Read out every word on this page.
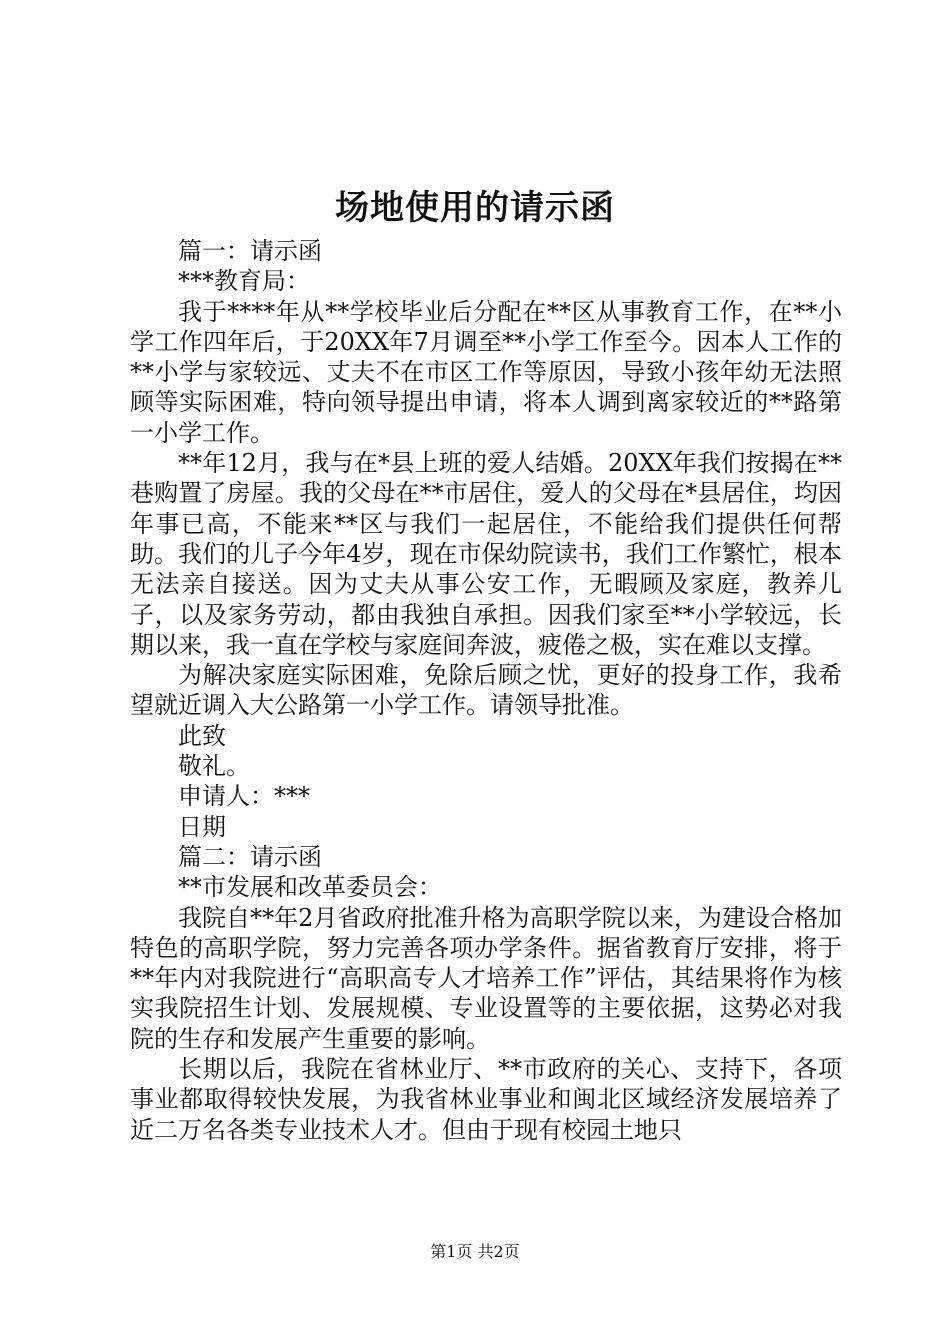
场地使用的请示函

篇一：请示函

***教育局：

我于****年从**学校毕业后分配在**区从事教育工作，在**小学工作四年后，于20XX年7月调至**小学工作至今。因本人工作的**小学与家较远、丈夫不在市区工作等原因，导致小孩年幼无法照顾等实际困难，特向领导提出申请，将本人调到离家较近的**路第一小学工作。

**年12月，我与在*县上班的爱人结婚。20XX年我们按揭在**巷购置了房屋。我的父母在**市居住，爱人的父母在*县居住，均因年事已高，不能来**区与我们一起居住，不能给我们提供任何帮助。我们的儿子今年4岁，现在市保幼院读书，我们工作繁忙，根本无法亲自接送。因为丈夫从事公安工作，无暇顾及家庭，教养儿子，以及家务劳动，都由我独自承担。因我们家至**小学较远，长期以来，我一直在学校与家庭间奔波，疲倦之极，实在难以支撑。

为解决家庭实际困难，免除后顾之忧，更好的投身工作，我希望就近调入大公路第一小学工作。请领导批准。

此致

敬礼。

申请人：***

日期

篇二：请示函

**市发展和改革委员会：

我院自**年2月省政府批准升格为高职学院以来，为建设合格加特色的高职学院，努力完善各项办学条件。据省教育厅安排，将于**年内对我院进行“高职高专人才培养工作”评估，其结果将作为核实我院招生计划、发展规模、专业设置等的主要依据，这势必对我院的生存和发展产生重要的影响。

长期以后，我院在省林业厅、**市政府的关心、支持下，各项事业都取得较快发展，为我省林业事业和闽北区域经济发展培养了近二万名各类专业技术人才。但由于现有校园土地只

第1页 共2页
